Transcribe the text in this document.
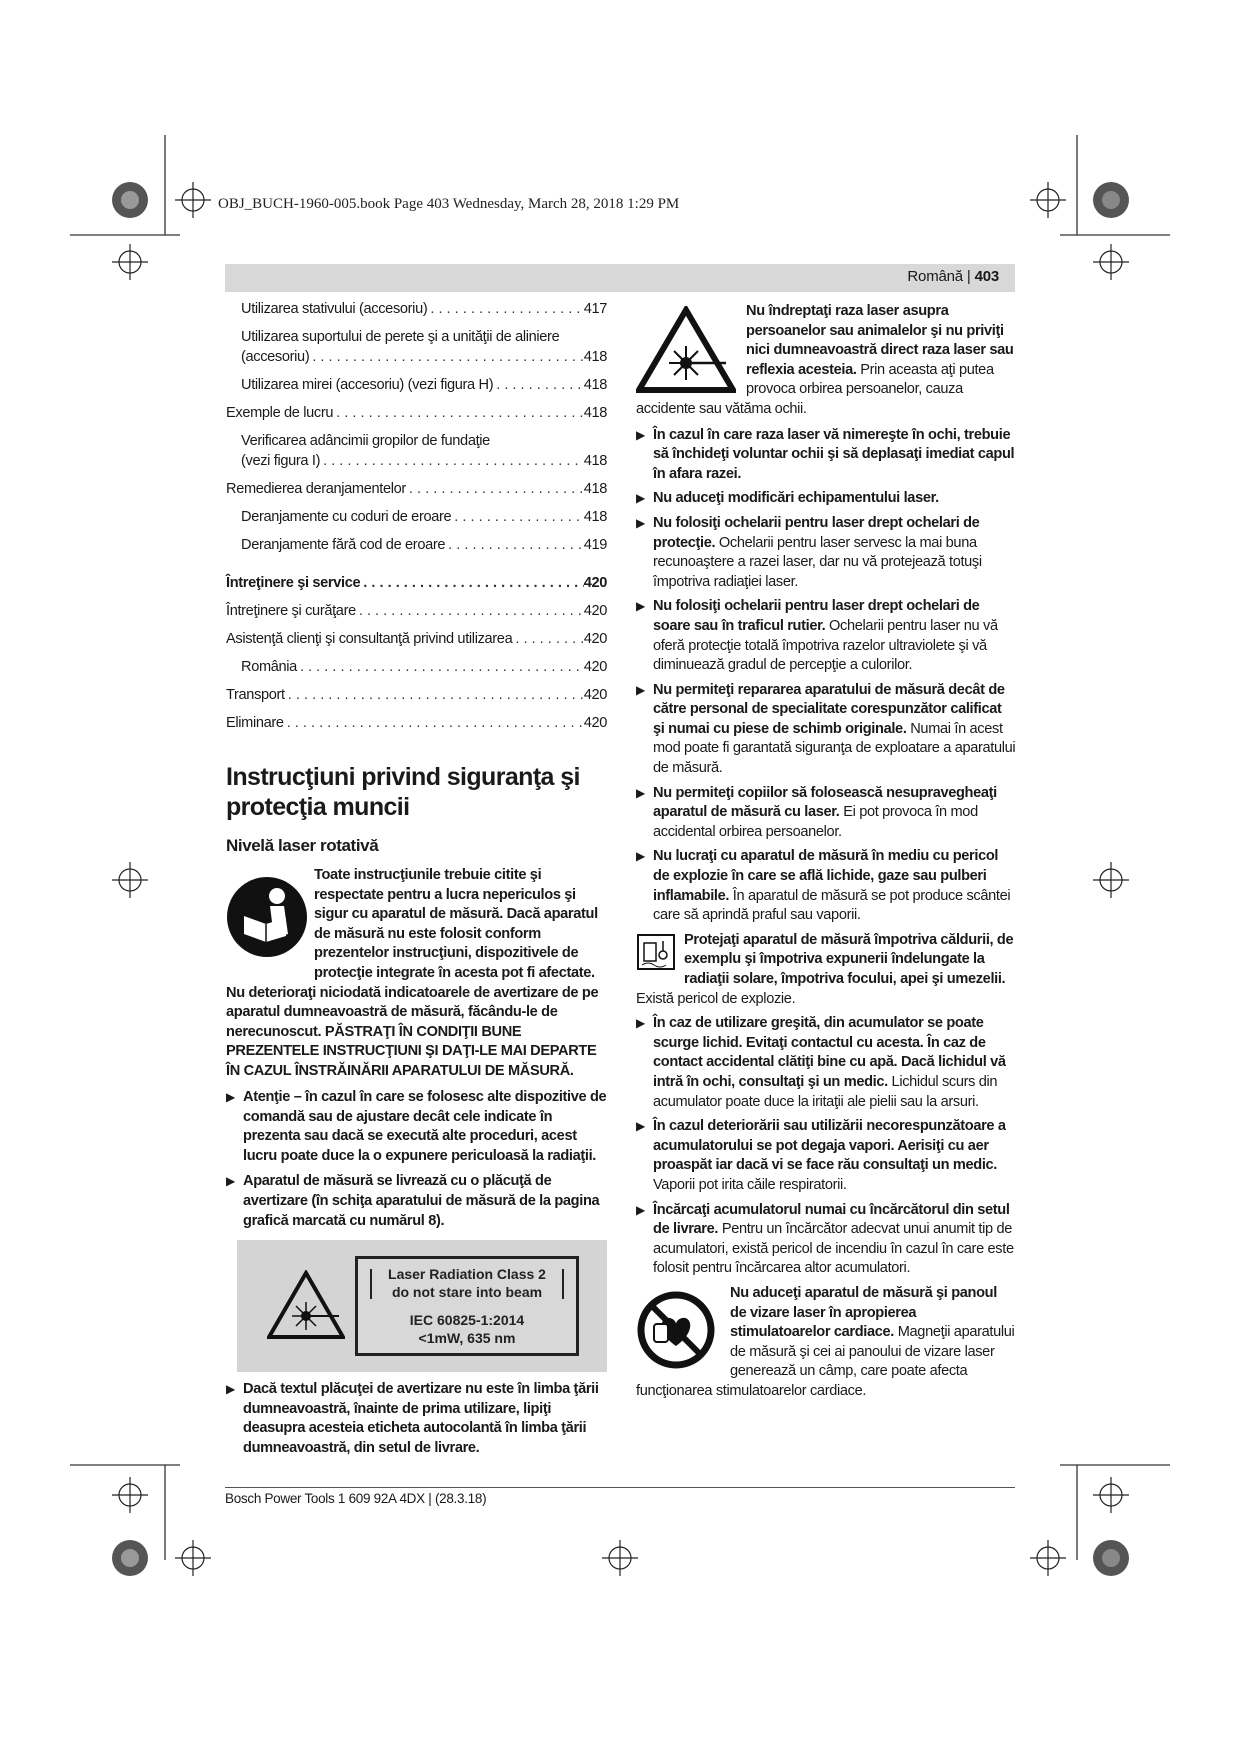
OBJ_BUCH-1960-005.book Page 403 Wednesday, March 28, 2018 1:29 PM
Română | 403
Utilizarea stativului (accesoriu) . . .	417
Utilizarea suportului de perete şi a unităţii de aliniere
(accesoriu) . . .	418
Utilizarea mirei (accesoriu) (vezi figura H) . . .	418
Exemple de lucru . . .	418
Verificarea adâncimii gropilor de fundaţie
(vezi figura I) . . .	418
Remedierea deranjamentelor . . .	418
Deranjamente cu coduri de eroare . . .	418
Deranjamente fără cod de eroare . . .	419
Întreţinere şi service . . .	420
Întreţinere şi curăţare . . .	420
Asistenţă clienţi şi consultanţă privind utilizarea . . .	420
România . . .	420
Transport . . .	420
Eliminare . . .	420
Instrucţiuni privind siguranţa şi protecţia muncii
Nivelă laser rotativă
Toate instrucţiunile trebuie citite şi respectate pentru a lucra nepericulos şi sigur cu aparatul de măsură. Dacă aparatul de măsură nu este folosit conform prezentelor instrucţiuni, dispozitivele de protecţie integrate în acesta pot fi afectate. Nu deterioraţi niciodată indicatoarele de avertizare de pe aparatul dumneavoastră de măsură, făcându-le de nerecunoscut. PĂSTRAŢI ÎN CONDIŢII BUNE PREZENTELE INSTRUCŢIUNI ŞI DAŢI-LE MAI DEPARTE ÎN CAZUL ÎNSTRĂINĂRII APARATULUI DE MĂSURĂ.
▶ Atenţie – în cazul în care se folosesc alte dispozitive de comandă sau de ajustare decât cele indicate în prezenta sau dacă se execută alte proceduri, acest lucru poate duce la o expunere periculoasă la radiaţii.
▶ Aparatul de măsură se livrează cu o plăcuţă de avertizare (în schiţa aparatului de măsură de la pagina grafică marcată cu numărul 8).
Laser Radiation Class 2
do not stare into beam
IEC 60825-1:2014
<1mW, 635 nm
▶ Dacă textul plăcuţei de avertizare nu este în limba ţării dumneavoastră, înainte de prima utilizare, lipiţi deasupra acesteia eticheta autocolantă în limba ţării dumneavoastră, din setul de livrare.
Nu îndreptaţi raza laser asupra persoanelor sau animalelor şi nu priviţi nici dumneavoastră direct raza laser sau reflexia acesteia. Prin aceasta aţi putea provoca orbirea persoanelor, cauza accidente sau vătăma ochii.
▶ În cazul în care raza laser vă nimereşte în ochi, trebuie să închideţi voluntar ochii şi să deplasaţi imediat capul în afara razei.
▶ Nu aduceţi modificări echipamentului laser.
▶ Nu folosiţi ochelarii pentru laser drept ochelari de protecţie. Ochelarii pentru laser servesc la mai buna recunoaştere a razei laser, dar nu vă protejează totuşi împotriva radiaţiei laser.
▶ Nu folosiţi ochelarii pentru laser drept ochelari de soare sau în traficul rutier. Ochelarii pentru laser nu vă oferă protecţie totală împotriva razelor ultraviolete şi vă diminuează gradul de percepţie a culorilor.
▶ Nu permiteţi repararea aparatului de măsură decât de către personal de specialitate corespunzător calificat şi numai cu piese de schimb originale. Numai în acest mod poate fi garantată siguranţa de exploatare a aparatului de măsură.
▶ Nu permiteţi copiilor să folosească nesupravegheaţi aparatul de măsură cu laser. Ei pot provoca în mod accidental orbirea persoanelor.
▶ Nu lucraţi cu aparatul de măsură în mediu cu pericol de explozie în care se află lichide, gaze sau pulberi inflamabile. În aparatul de măsură se pot produce scântei care să aprindă praful sau vaporii.
Protejaţi aparatul de măsură împotriva căldurii, de exemplu şi împotriva expunerii îndelungate la radiaţii solare, împotriva focului, apei şi umezelii. Există pericol de explozie.
▶ În caz de utilizare greşită, din acumulator se poate scurge lichid. Evitaţi contactul cu acesta. În caz de contact accidental clătiţi bine cu apă. Dacă lichidul vă intră în ochi, consultaţi şi un medic. Lichidul scurs din acumulator poate duce la iritaţii ale pielii sau la arsuri.
▶ În cazul deteriorării sau utilizării necorespunzătoare a acumulatorului se pot degaja vapori. Aerisiţi cu aer proaspăt iar dacă vi se face rău consultaţi un medic. Vaporii pot irita căile respiratorii.
▶ Încărcaţi acumulatorul numai cu încărcătorul din setul de livrare. Pentru un încărcător adecvat unui anumit tip de acumulatori, există pericol de incendiu în cazul în care este folosit pentru încărcarea altor acumulatori.
Nu aduceţi aparatul de măsură şi panoul de vizare laser în apropierea stimulatoarelor cardiace. Magneţii aparatului de măsură şi cei ai panoului de vizare laser generează un câmp, care poate afecta funcţionarea stimulatoarelor cardiace.
Bosch Power Tools 1 609 92A 4DX | (28.3.18)
